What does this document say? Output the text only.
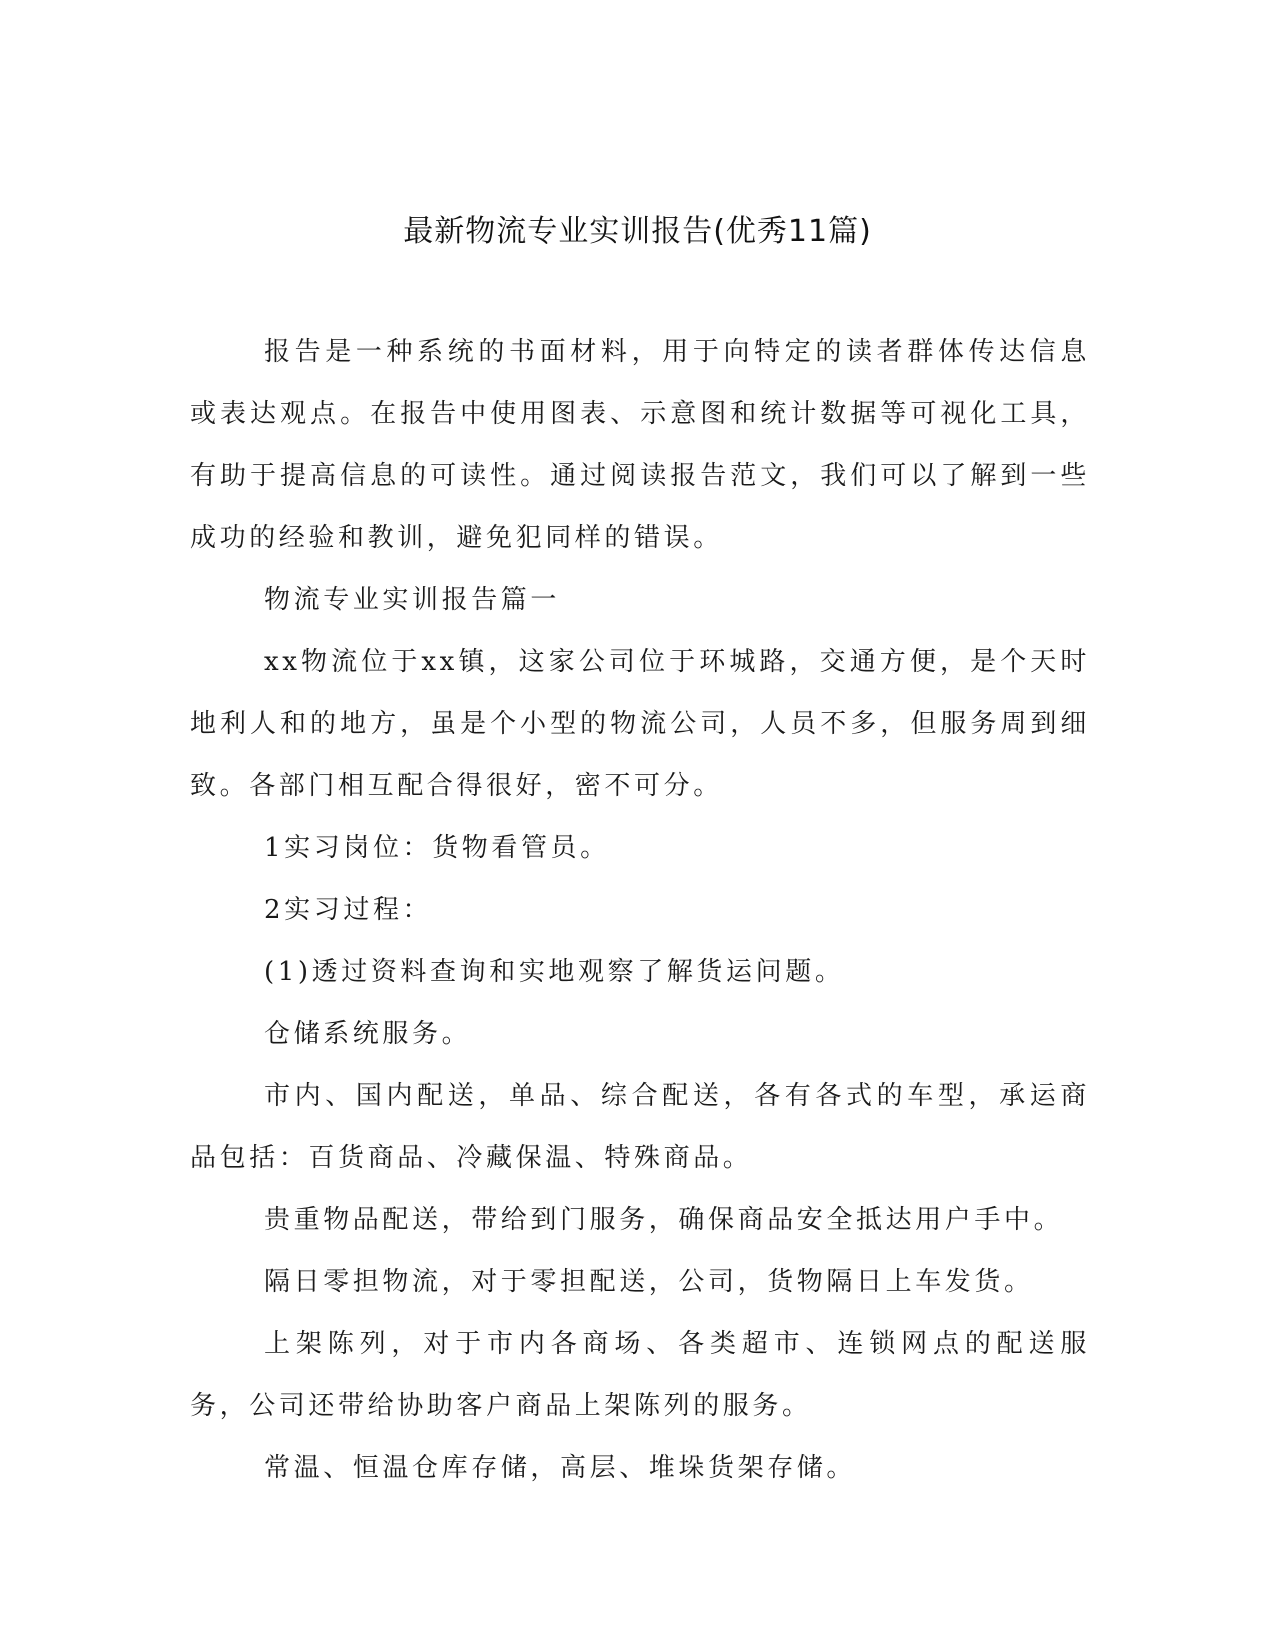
最新物流专业实训报告(优秀11篇)

报告是一种系统的书面材料，用于向特定的读者群体传达信息或表达观点。在报告中使用图表、示意图和统计数据等可视化工具，有助于提高信息的可读性。通过阅读报告范文，我们可以了解到一些成功的经验和教训，避免犯同样的错误。

物流专业实训报告篇一

xx物流位于xx镇，这家公司位于环城路，交通方便，是个天时地利人和的地方，虽是个小型的物流公司，人员不多，但服务周到细致。各部门相互配合得很好，密不可分。

1实习岗位：货物看管员。

2实习过程：

(1)透过资料查询和实地观察了解货运问题。

仓储系统服务。

市内、国内配送，单品、综合配送，各有各式的车型，承运商品包括：百货商品、冷藏保温、特殊商品。

贵重物品配送，带给到门服务，确保商品安全抵达用户手中。

隔日零担物流，对于零担配送，公司，货物隔日上车发货。

上架陈列，对于市内各商场、各类超市、连锁网点的配送服务，公司还带给协助客户商品上架陈列的服务。

常温、恒温仓库存储，高层、堆垛货架存储。
